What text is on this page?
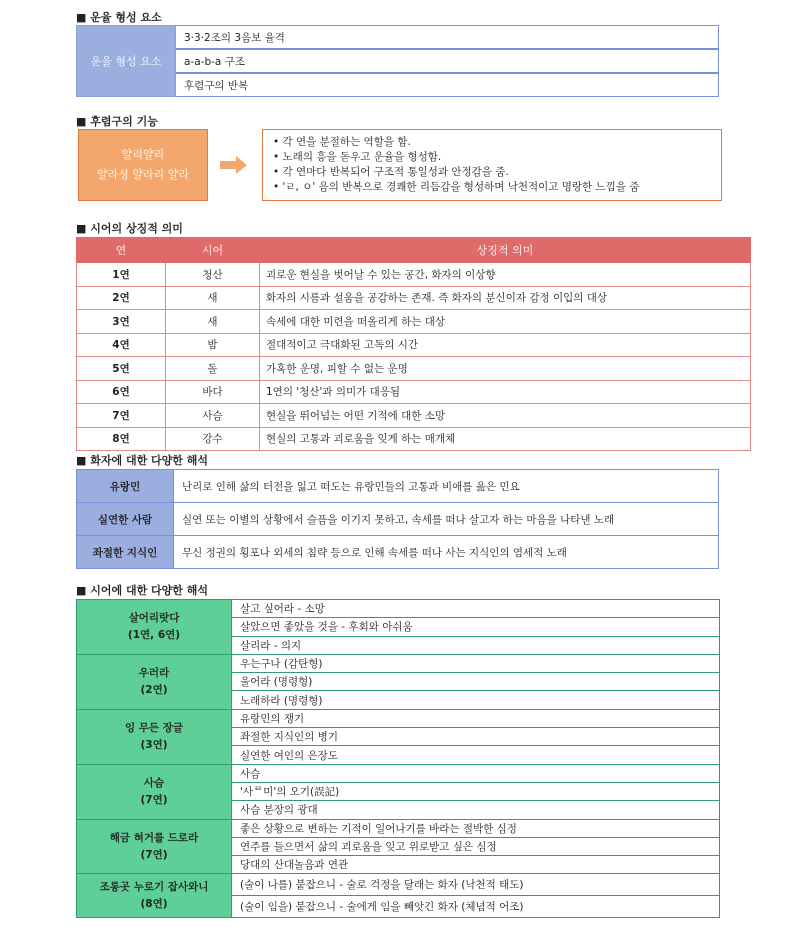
■ 운율 형성 요소
운율 형성 요소
3·3·2조의 3음보 율격
a-a-b-a 구조
후렴구의 반복
■ 후렴구의 기능
얄리얄리
얄라셩 얄라리 얄라
• 각 연을 분절하는 역할을 함.
• 노래의 흥을 돋우고 운율을 형성함.
• 각 연마다 반복되어 구조적 통일성과 안정감을 줌.
• 'ㄹ, ㅇ' 음의 반복으로 경쾌한 리듬감을 형성하며 낙천적이고 명랑한 느낌을 줌
■ 시어의 상징적 의미
연	시어	상징적 의미
1연	청산	괴로운 현실을 벗어날 수 있는 공간, 화자의 이상향
2연	새	화자의 시름과 설움을 공감하는 존재. 즉 화자의 분신이자 감정 이입의 대상
3연	새	속세에 대한 미련을 떠올리게 하는 대상
4연	밤	절대적이고 극대화된 고독의 시간
5연	돌	가혹한 운명, 피할 수 없는 운명
6연	바다	1연의 '청산'과 의미가 대응됨
7연	사슴	현실을 뛰어넘는 어떤 기적에 대한 소망
8연	강수	현실의 고통과 괴로움을 잊게 하는 매개체
■ 화자에 대한 다양한 해석
유랑민	난리로 인해 삶의 터전을 잃고 떠도는 유랑민들의 고통과 비애를 읊은 민요
실연한 사람	실연 또는 이별의 상황에서 슬픔을 이기지 못하고, 속세를 떠나 살고자 하는 마음을 나타낸 노래
좌절한 지식인	무신 정권의 횡포나 외세의 침략 등으로 인해 속세를 떠나 사는 지식인의 염세적 노래
■ 시어에 대한 다양한 해석
살어리랏다
(1연, 6연)	살고 싶어라 - 소망
	살았으면 좋았을 것을 - 후회와 아쉬움
	살리라 - 의지

우러라
(2연)	우는구나 (감탄형)
	울어라 (명령형)
	노래하라 (명령형)

잉 무든 장글
(3연)	유랑민의 쟁기
	좌절한 지식인의 병기
	실연한 여인의 은장도

사슴
(7연)	사슴
	'사ᄅ미'의 오기(誤記)
	사슴 분장의 광대

해금 혀거를 드로라
(7연)	좋은 상황으로 변하는 기적이 일어나기를 바라는 절박한 심정
	연주를 들으면서 삶의 괴로움을 잊고 위로받고 싶은 심정
	당대의 산대놀음과 연관

조롱곳 누로기 잡사와니
(8연)	(술이 나를) 붙잡으니 - 술로 걱정을 달래는 화자 (낙천적 태도)
	(술이 임을) 붙잡으니 - 술에게 임을 빼앗긴 화자 (체념적 어조)
